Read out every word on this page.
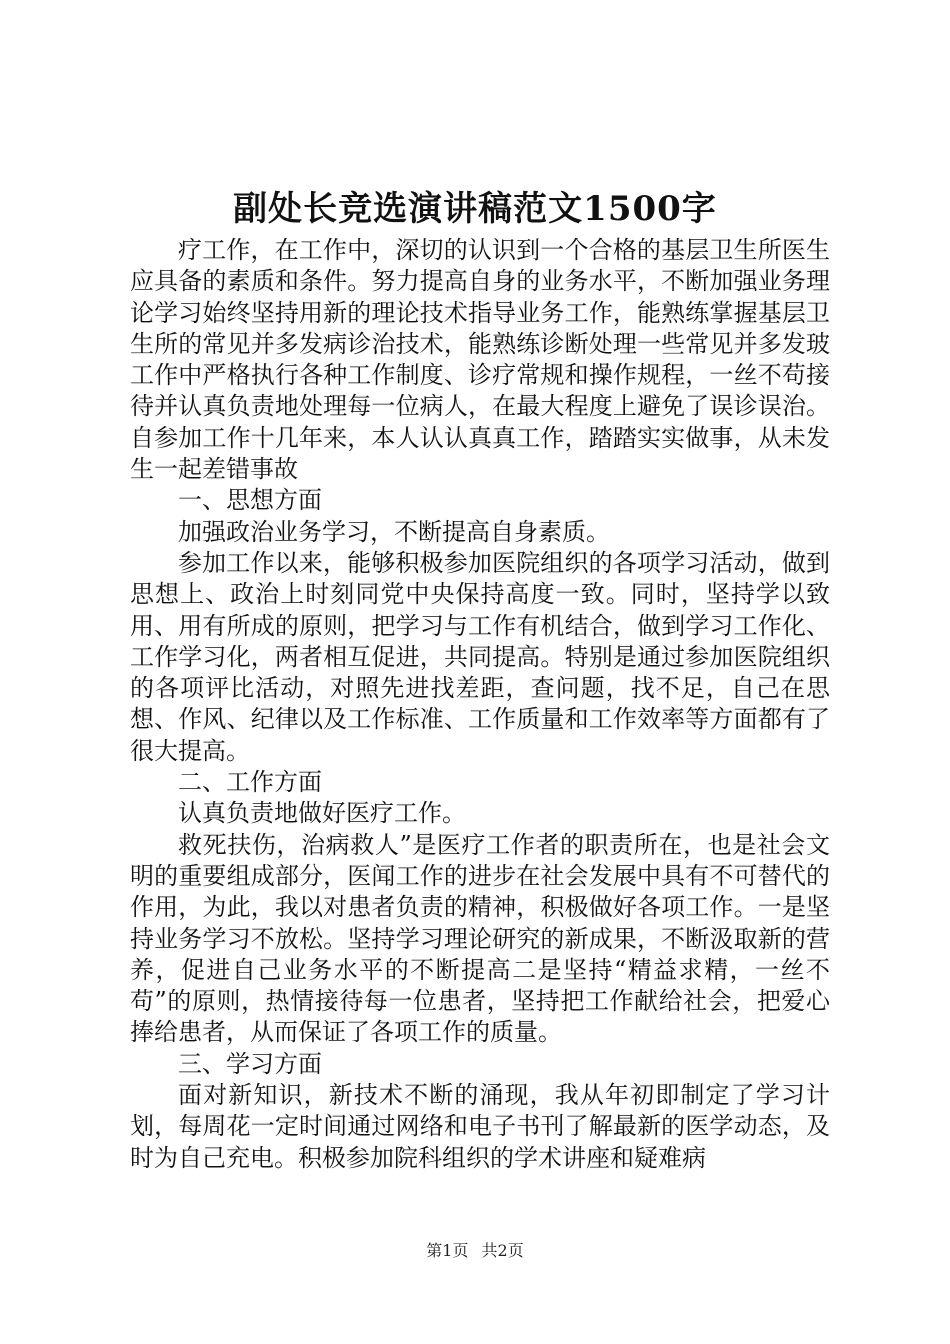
副处长竞选演讲稿范文1500字

疗工作，在工作中，深切的认识到一个合格的基层卫生所医生应具备的素质和条件。努力提高自身的业务水平，不断加强业务理论学习始终坚持用新的理论技术指导业务工作，能熟练掌握基层卫生所的常见并多发病诊治技术，能熟练诊断处理一些常见并多发玻工作中严格执行各种工作制度、诊疗常规和操作规程，一丝不苟接待并认真负责地处理每一位病人，在最大程度上避免了误诊误治。自参加工作十几年来，本人认认真真工作，踏踏实实做事，从未发生一起差错事故

一、思想方面

加强政治业务学习，不断提高自身素质。

参加工作以来，能够积极参加医院组织的各项学习活动，做到思想上、政治上时刻同党中央保持高度一致。同时，坚持学以致用、用有所成的原则，把学习与工作有机结合，做到学习工作化、工作学习化，两者相互促进，共同提高。特别是通过参加医院组织的各项评比活动，对照先进找差距，查问题，找不足，自己在思想、作风、纪律以及工作标准、工作质量和工作效率等方面都有了很大提高。

二、工作方面

认真负责地做好医疗工作。

救死扶伤，治病救人”是医疗工作者的职责所在，也是社会文明的重要组成部分，医闻工作的进步在社会发展中具有不可替代的作用，为此，我以对患者负责的精神，积极做好各项工作。一是坚持业务学习不放松。坚持学习理论研究的新成果，不断汲取新的营养，促进自己业务水平的不断提高二是坚持“精益求精，一丝不苟”的原则，热情接待每一位患者，坚持把工作献给社会，把爱心捧给患者，从而保证了各项工作的质量。

三、学习方面

面对新知识，新技术不断的涌现，我从年初即制定了学习计划，每周花一定时间通过网络和电子书刊了解最新的医学动态，及时为自己充电。积极参加院科组织的学术讲座和疑难病

第1页 共2页
